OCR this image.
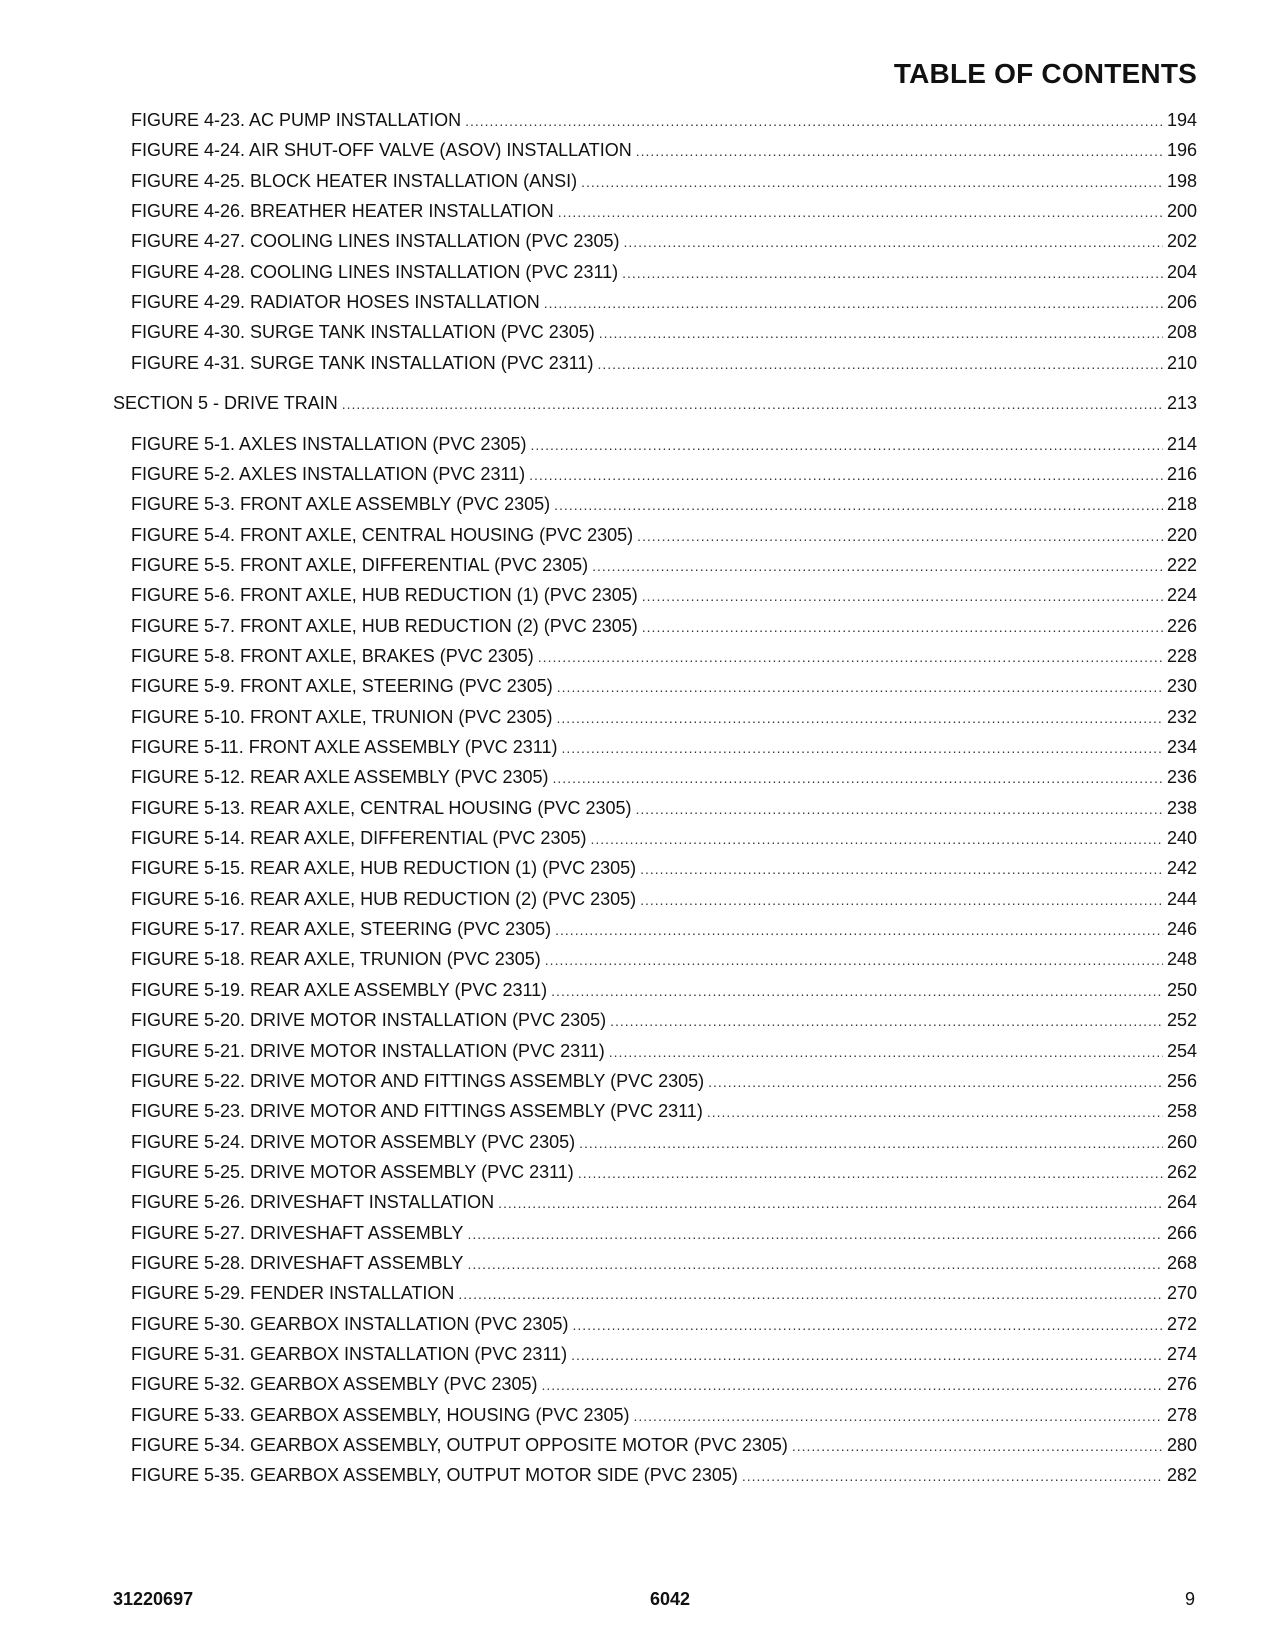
TABLE OF CONTENTS
FIGURE 4-23. AC PUMP INSTALLATION .....	194
FIGURE 4-24. AIR SHUT-OFF VALVE (ASOV) INSTALLATION .....	196
FIGURE 4-25. BLOCK HEATER INSTALLATION (ANSI) .....	198
FIGURE 4-26. BREATHER HEATER INSTALLATION .....	200
FIGURE 4-27. COOLING LINES INSTALLATION (PVC 2305) .....	202
FIGURE 4-28. COOLING LINES INSTALLATION (PVC 2311) .....	204
FIGURE 4-29. RADIATOR HOSES INSTALLATION .....	206
FIGURE 4-30. SURGE TANK INSTALLATION (PVC 2305) .....	208
FIGURE 4-31. SURGE TANK INSTALLATION (PVC 2311) .....	210
SECTION 5 - DRIVE TRAIN .....	213
FIGURE 5-1. AXLES INSTALLATION (PVC 2305) .....	214
FIGURE 5-2. AXLES INSTALLATION (PVC 2311) .....	216
FIGURE 5-3. FRONT AXLE ASSEMBLY (PVC 2305) .....	218
FIGURE 5-4. FRONT AXLE, CENTRAL HOUSING (PVC 2305) .....	220
FIGURE 5-5. FRONT AXLE, DIFFERENTIAL (PVC 2305) .....	222
FIGURE 5-6. FRONT AXLE, HUB REDUCTION (1) (PVC 2305) .....	224
FIGURE 5-7. FRONT AXLE, HUB REDUCTION (2) (PVC 2305) .....	226
FIGURE 5-8. FRONT AXLE, BRAKES (PVC 2305) .....	228
FIGURE 5-9. FRONT AXLE, STEERING (PVC 2305) .....	230
FIGURE 5-10. FRONT AXLE, TRUNION (PVC 2305) .....	232
FIGURE 5-11. FRONT AXLE ASSEMBLY (PVC 2311) .....	234
FIGURE 5-12. REAR AXLE ASSEMBLY (PVC 2305) .....	236
FIGURE 5-13. REAR AXLE, CENTRAL HOUSING (PVC 2305) .....	238
FIGURE 5-14. REAR AXLE, DIFFERENTIAL (PVC 2305) .....	240
FIGURE 5-15. REAR AXLE, HUB REDUCTION (1) (PVC 2305) .....	242
FIGURE 5-16. REAR AXLE, HUB REDUCTION (2) (PVC 2305) .....	244
FIGURE 5-17. REAR AXLE, STEERING (PVC 2305) .....	246
FIGURE 5-18. REAR AXLE, TRUNION (PVC 2305) .....	248
FIGURE 5-19. REAR AXLE ASSEMBLY (PVC 2311) .....	250
FIGURE 5-20. DRIVE MOTOR INSTALLATION (PVC 2305) .....	252
FIGURE 5-21. DRIVE MOTOR INSTALLATION (PVC 2311) .....	254
FIGURE 5-22. DRIVE MOTOR AND FITTINGS ASSEMBLY (PVC 2305) .....	256
FIGURE 5-23. DRIVE MOTOR AND FITTINGS ASSEMBLY (PVC 2311) .....	258
FIGURE 5-24. DRIVE MOTOR ASSEMBLY (PVC 2305) .....	260
FIGURE 5-25. DRIVE MOTOR ASSEMBLY (PVC 2311) .....	262
FIGURE 5-26. DRIVESHAFT INSTALLATION .....	264
FIGURE 5-27. DRIVESHAFT ASSEMBLY .....	266
FIGURE 5-28. DRIVESHAFT ASSEMBLY .....	268
FIGURE 5-29. FENDER INSTALLATION .....	270
FIGURE 5-30. GEARBOX INSTALLATION (PVC 2305) .....	272
FIGURE 5-31. GEARBOX INSTALLATION (PVC 2311) .....	274
FIGURE 5-32. GEARBOX ASSEMBLY (PVC 2305) .....	276
FIGURE 5-33. GEARBOX ASSEMBLY, HOUSING (PVC 2305) .....	278
FIGURE 5-34. GEARBOX ASSEMBLY, OUTPUT OPPOSITE MOTOR (PVC 2305) .....	280
FIGURE 5-35. GEARBOX ASSEMBLY, OUTPUT MOTOR SIDE (PVC 2305) .....	282
31220697	6042	9
